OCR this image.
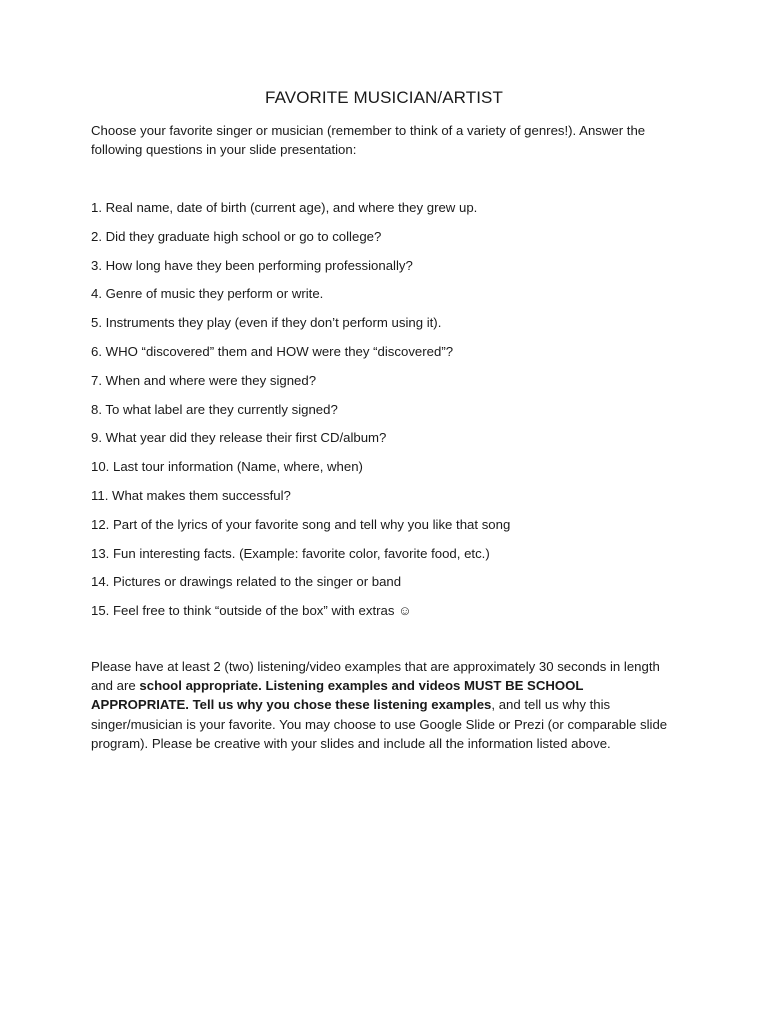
FAVORITE MUSICIAN/ARTIST

Choose your favorite singer or musician (remember to think of a variety of genres!). Answer the following questions in your slide presentation:

1. Real name, date of birth (current age), and where they grew up.
2. Did they graduate high school or go to college?
3. How long have they been performing professionally?
4. Genre of music they perform or write.
5. Instruments they play (even if they don’t perform using it).
6. WHO “discovered” them and HOW were they “discovered”?
7. When and where were they signed?
8. To what label are they currently signed?
9. What year did they release their first CD/album?
10. Last tour information (Name, where, when)
11. What makes them successful?
12. Part of the lyrics of your favorite song and tell why you like that song
13. Fun interesting facts. (Example: favorite color, favorite food, etc.)
14. Pictures or drawings related to the singer or band
15. Feel free to think “outside of the box” with extras ☺

Please have at least 2 (two) listening/video examples that are approximately 30 seconds in length and are school appropriate. Listening examples and videos MUST BE SCHOOL APPROPRIATE. Tell us why you chose these listening examples, and tell us why this singer/musician is your favorite. You may choose to use Google Slide or Prezi (or comparable slide program). Please be creative with your slides and include all the information listed above.
